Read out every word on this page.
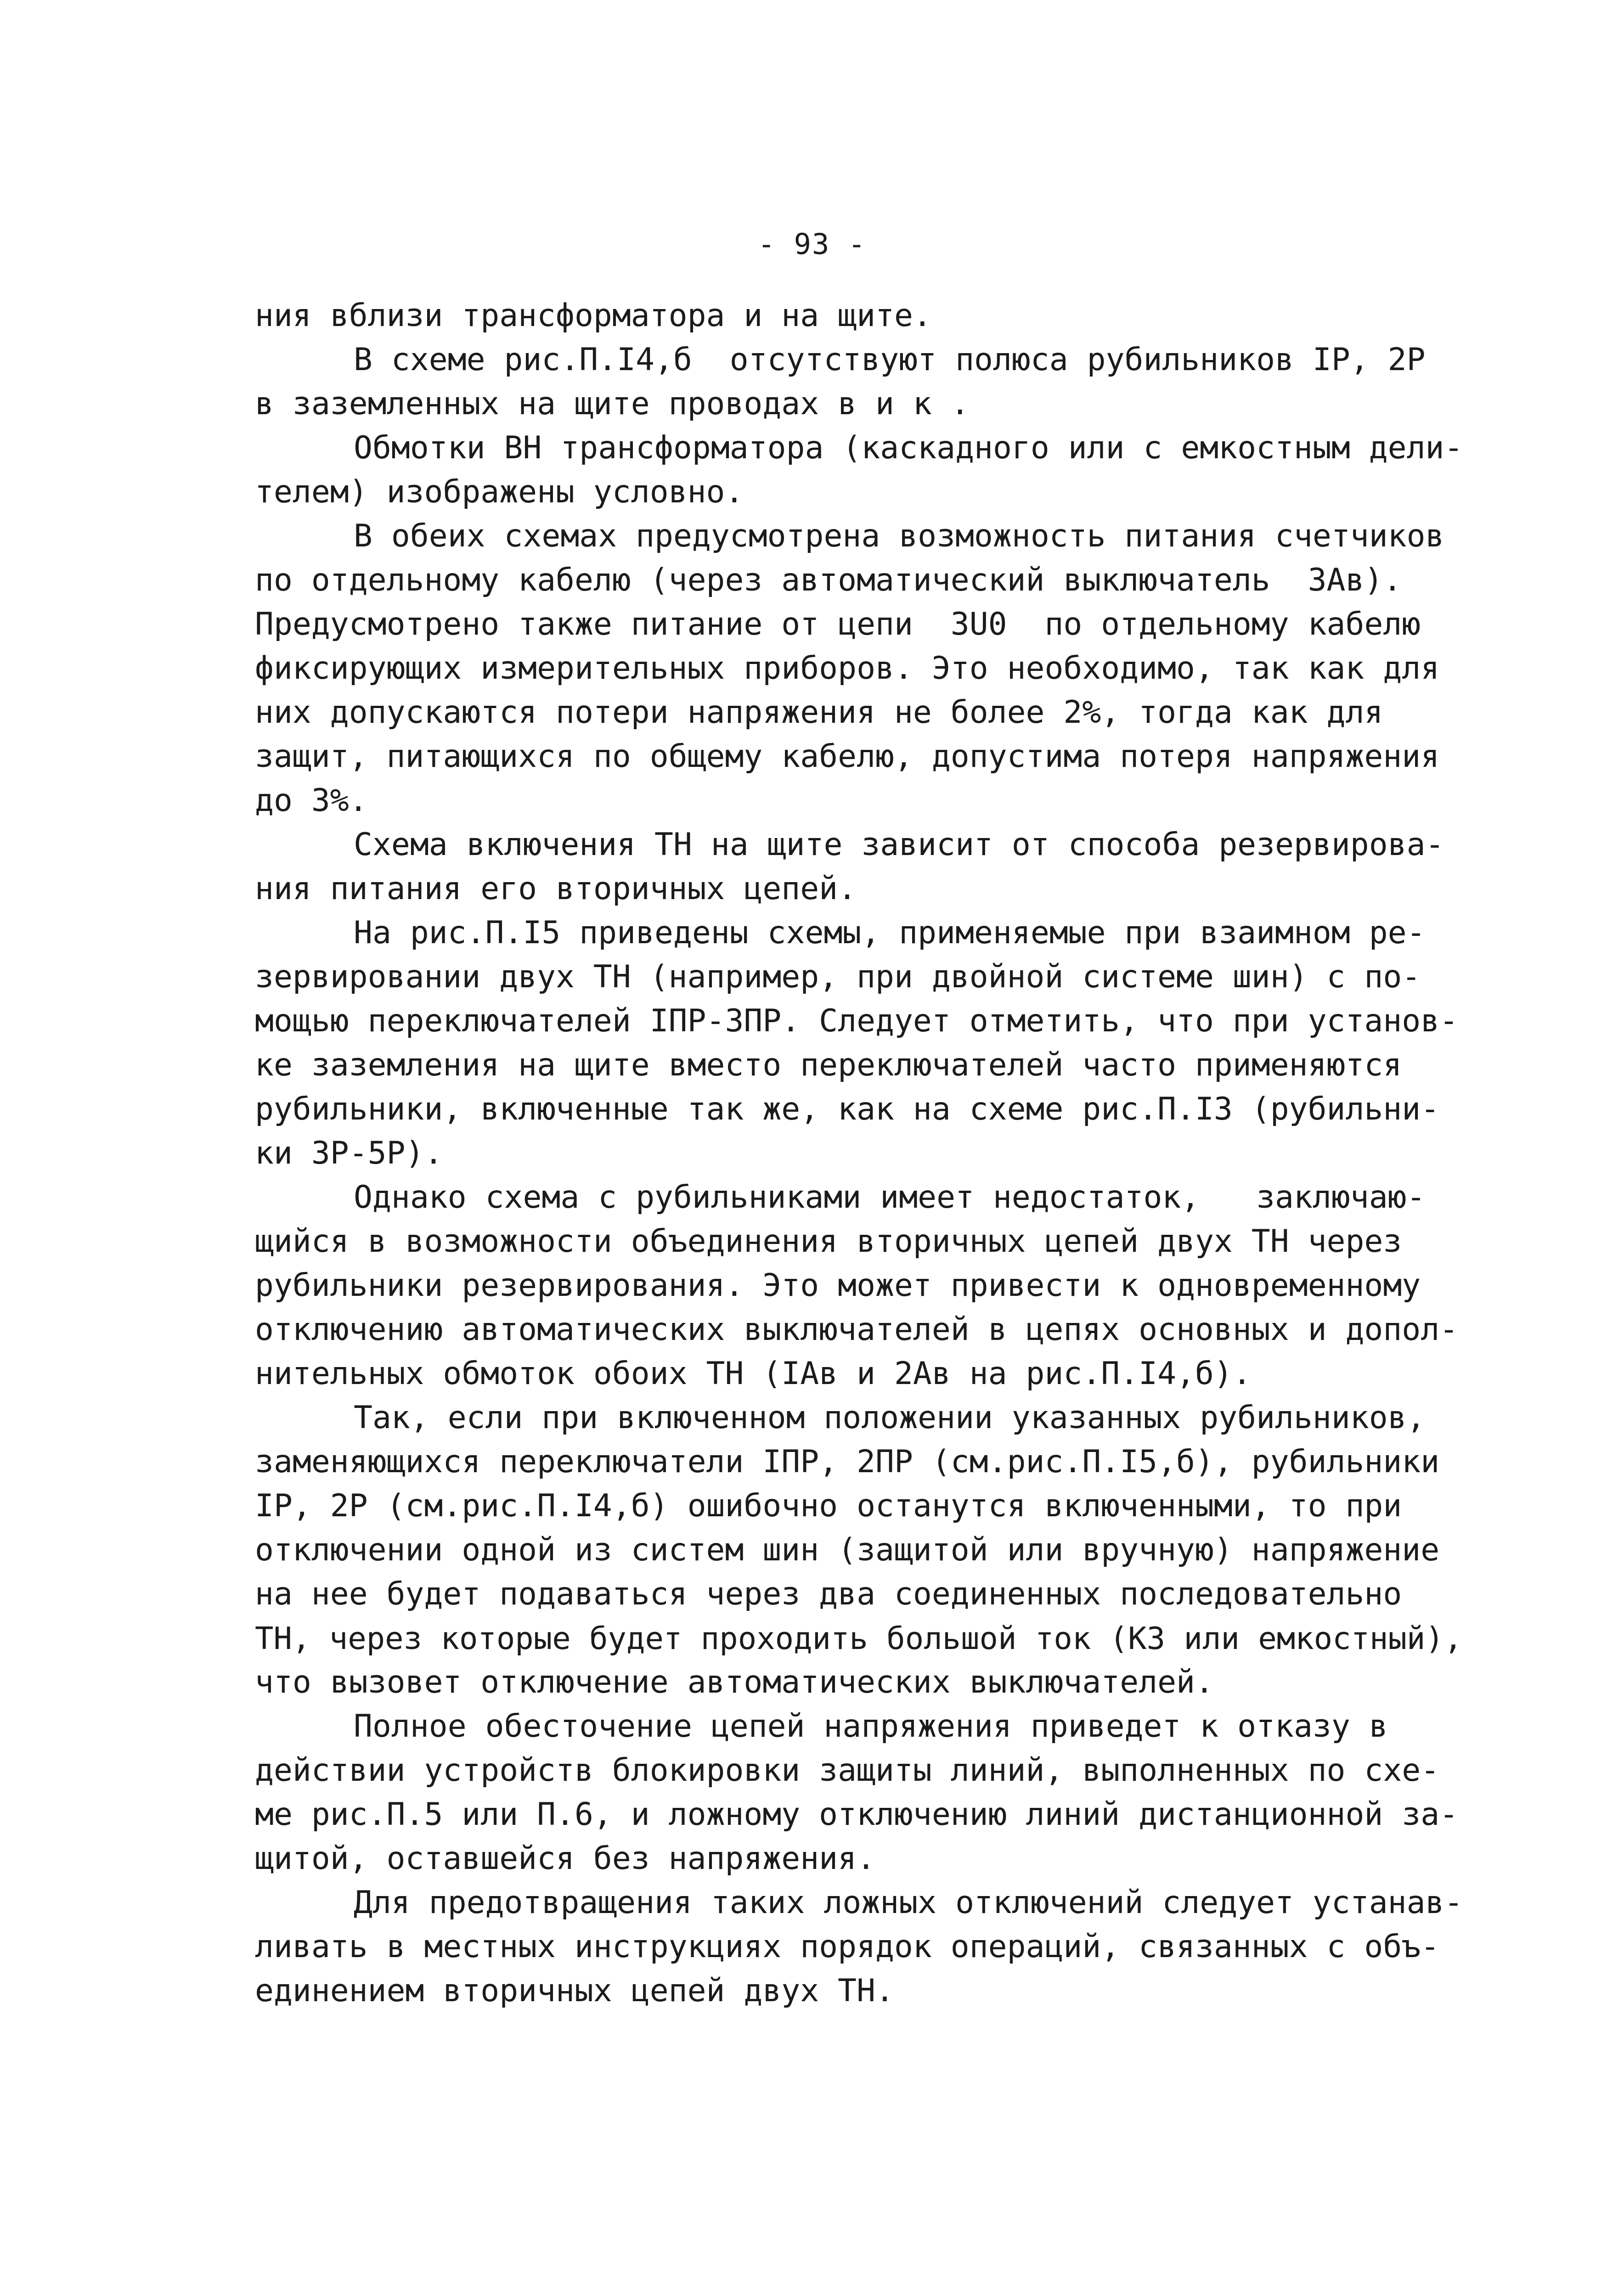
- 93 -
ния вблизи трансформатора и на щите.
В схеме рис.П.I4,б  отсутствуют полюса рубильников IР, 2Р
в заземленных на щите проводах в и к .
Обмотки ВН трансформатора (каскадного или с емкостным дели-
телем) изображены условно.
В обеих схемах предусмотрена возможность питания счетчиков
по отдельному кабелю (через автоматический выключатель  3Ав).
Предусмотрено также питание от цепи  3U0  по отдельному кабелю
фиксирующих измерительных приборов. Это необходимо, так как для
них допускаются потери напряжения не более 2%, тогда как для
защит, питающихся по общему кабелю, допустима потеря напряжения
до 3%.
Схема включения ТН на щите зависит от способа резервирова-
ния питания его вторичных цепей.
На рис.П.I5 приведены схемы, применяемые при взаимном ре-
зервировании двух ТН (например, при двойной системе шин) с по-
мощью переключателей IПР-3ПР. Следует отметить, что при установ-
ке заземления на щите вместо переключателей часто применяются
рубильники, включенные так же, как на схеме рис.П.I3 (рубильни-
ки 3Р-5Р).
Однако схема с рубильниками имеет недостаток,   заключаю-
щийся в возможности объединения вторичных цепей двух ТН через
рубильники резервирования. Это может привести к одновременному
отключению автоматических выключателей в цепях основных и допол-
нительных обмоток обоих ТН (IАв и 2Ав на рис.П.I4,б).
Так, если при включенном положении указанных рубильников,
заменяющихся переключатели IПР, 2ПР (см.рис.П.I5,б), рубильники
IР, 2Р (см.рис.П.I4,б) ошибочно останутся включенными, то при
отключении одной из систем шин (защитой или вручную) напряжение
на нее будет подаваться через два соединенных последовательно
ТН, через которые будет проходить большой ток (КЗ или емкостный),
что вызовет отключение автоматических выключателей.
Полное обесточение цепей напряжения приведет к отказу в
действии устройств блокировки защиты линий, выполненных по схе-
ме рис.П.5 или П.6, и ложному отключению линий дистанционной за-
щитой, оставшейся без напряжения.
Для предотвращения таких ложных отключений следует устанав-
ливать в местных инструкциях порядок операций, связанных с объ-
единением вторичных цепей двух ТН.
